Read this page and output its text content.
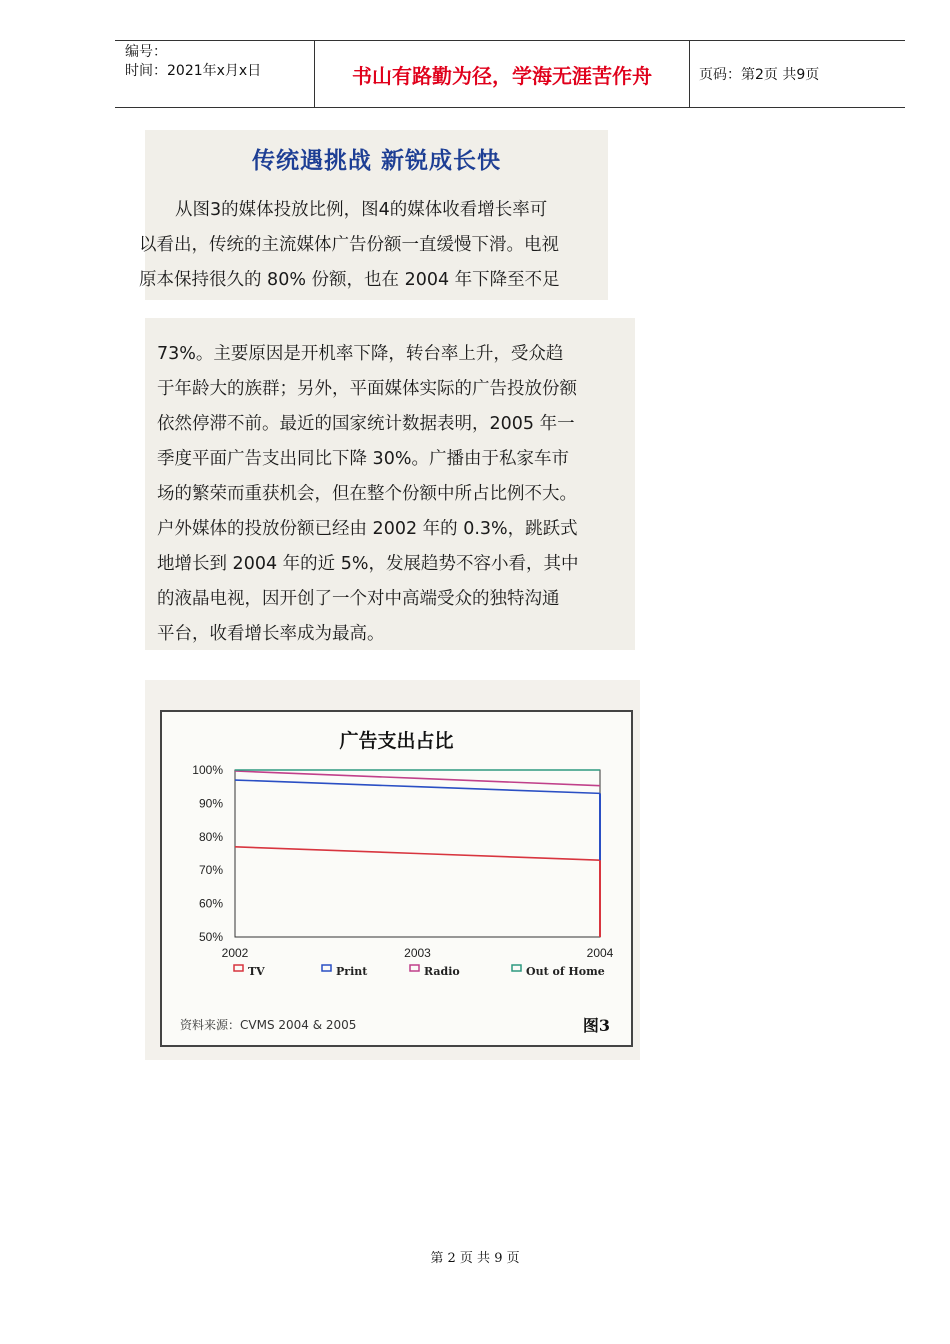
编号：
时间：2021年x月x日	书山有路勤为径，学海无涯苦作舟	页码：第2页 共9页
传统遇挑战 新锐成长快
从图3的媒体投放比例，图4的媒体收看增长率可
以看出，传统的主流媒体广告份额一直缓慢下滑。电视
原本保持很久的 80% 份额，也在 2004 年下降至不足
73%。主要原因是开机率下降，转台率上升，受众趋
于年龄大的族群；另外，平面媒体实际的广告投放份额
依然停滞不前。最近的国家统计数据表明，2005 年一
季度平面广告支出同比下降 30%。广播由于私家车市
场的繁荣而重获机会，但在整个份额中所占比例不大。
户外媒体的投放份额已经由 2002 年的 0.3%，跳跃式
地增长到 2004 年的近 5%，发展趋势不容小看，其中
的液晶电视，因开创了一个对中高端受众的独特沟通
平台，收看增长率成为最高。
广告支出占比
100%
90%
80%
70%
60%
50%
2002	2003	2004
TV	Print	Radio	Out of Home
资料来源：CVMS 2004 & 2005	图3
第 2 页 共 9 页
